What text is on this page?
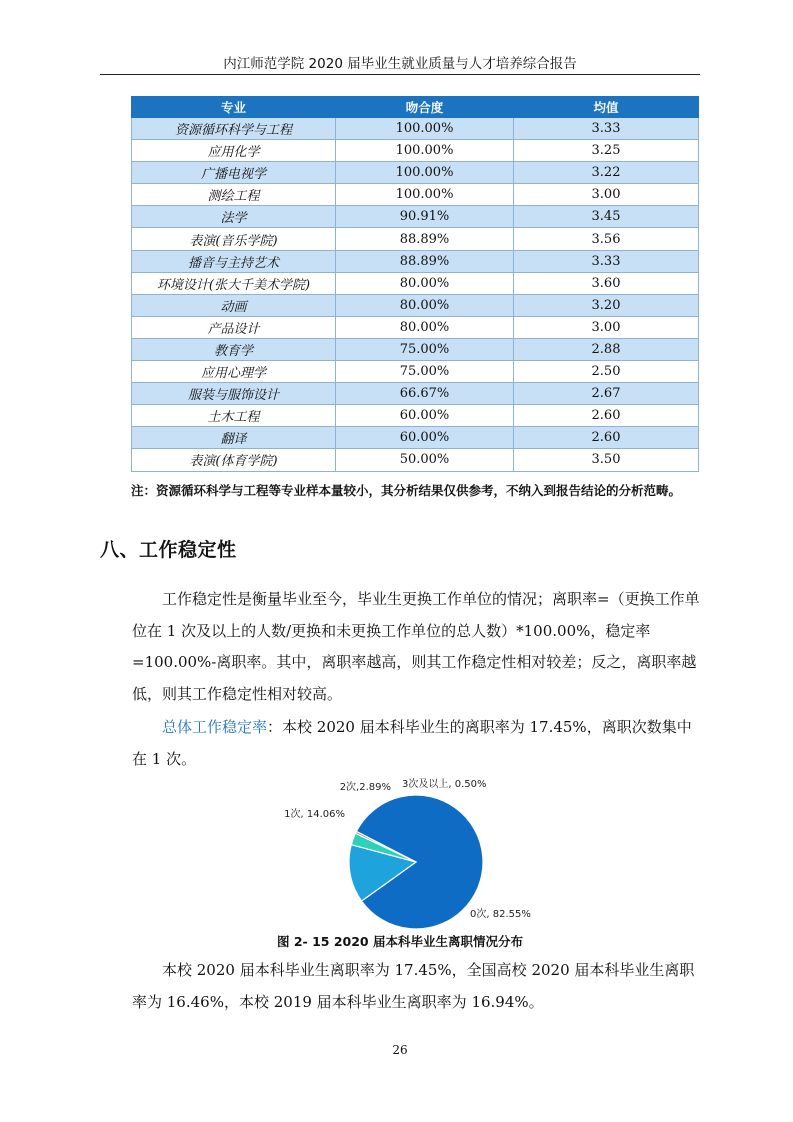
内江师范学院 2020 届毕业生就业质量与人才培养综合报告
专业	吻合度	均值
资源循环科学与工程	100.00%	3.33
应用化学	100.00%	3.25
广播电视学	100.00%	3.22
测绘工程	100.00%	3.00
法学	90.91%	3.45
表演(音乐学院)	88.89%	3.56
播音与主持艺术	88.89%	3.33
环境设计(张大千美术学院)	80.00%	3.60
动画	80.00%	3.20
产品设计	80.00%	3.00
教育学	75.00%	2.88
应用心理学	75.00%	2.50
服装与服饰设计	66.67%	2.67
土木工程	60.00%	2.60
翻译	60.00%	2.60
表演(体育学院)	50.00%	3.50
注：资源循环科学与工程等专业样本量较小，其分析结果仅供参考，不纳入到报告结论的分析范畴。
八、工作稳定性

工作稳定性是衡量毕业至今，毕业生更换工作单位的情况；离职率=（更换工作单位在 1 次及以上的人数/更换和未更换工作单位的总人数）*100.00%，稳定率=100.00%-离职率。其中，离职率越高，则其工作稳定性相对较差；反之，离职率越低，则其工作稳定性相对较高。

总体工作稳定率：本校 2020 届本科毕业生的离职率为 17.45%，离职次数集中在 1 次。

0次, 82.55%
1次, 14.06%
2次,2.89% 3次及以上, 0.50%
图 2- 15 2020 届本科毕业生离职情况分布

本校 2020 届本科毕业生离职率为 17.45%，全国高校 2020 届本科毕业生离职率为 16.46%，本校 2019 届本科毕业生离职率为 16.94%。

26
